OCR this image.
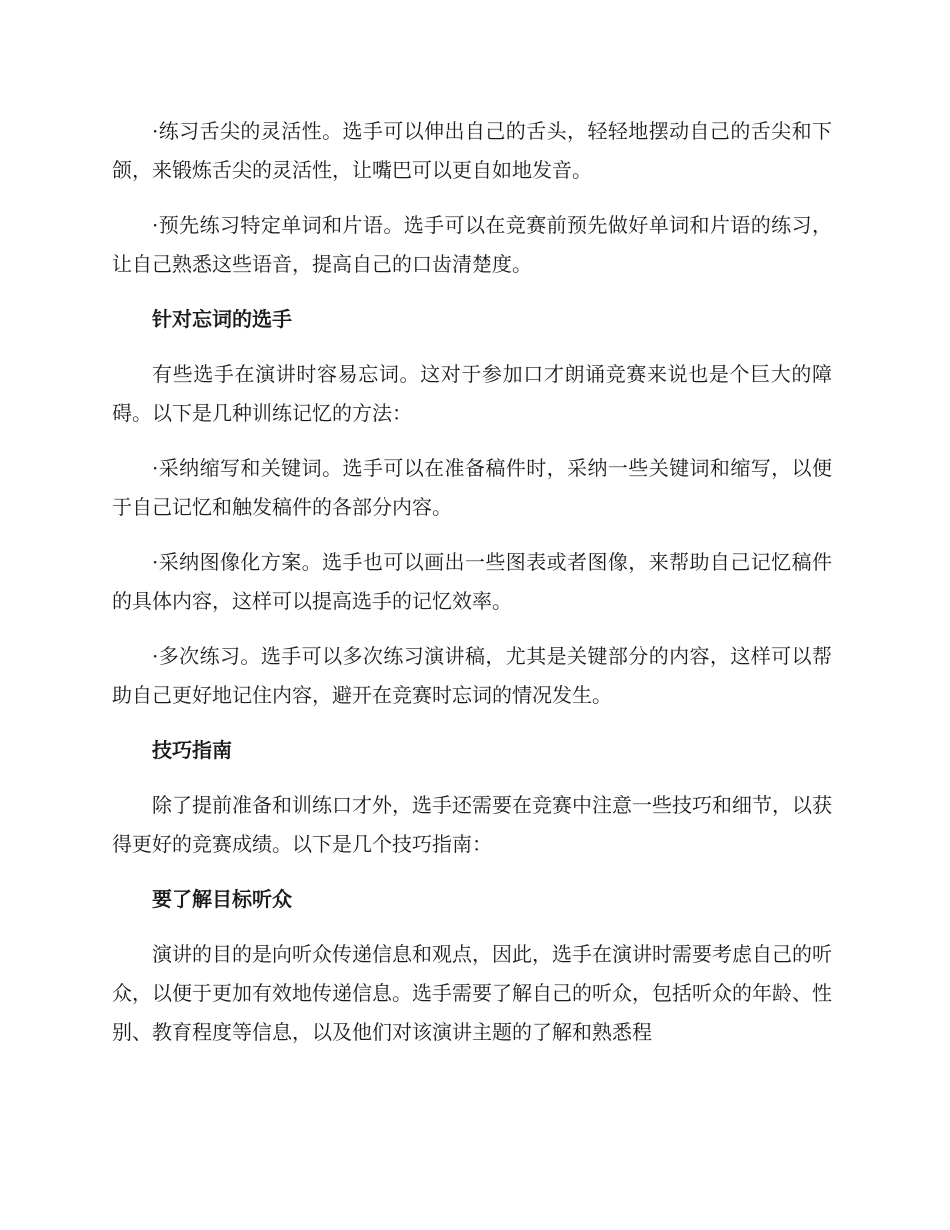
·练习舌尖的灵活性。选手可以伸出自己的舌头，轻轻地摆动自己的舌尖和下颌，来锻炼舌尖的灵活性，让嘴巴可以更自如地发音。

·预先练习特定单词和片语。选手可以在竞赛前预先做好单词和片语的练习，让自己熟悉这些语音，提高自己的口齿清楚度。

针对忘词的选手

有些选手在演讲时容易忘词。这对于参加口才朗诵竞赛来说也是个巨大的障碍。以下是几种训练记忆的方法：

·采纳缩写和关键词。选手可以在准备稿件时，采纳一些关键词和缩写，以便于自己记忆和触发稿件的各部分内容。

·采纳图像化方案。选手也可以画出一些图表或者图像，来帮助自己记忆稿件的具体内容，这样可以提高选手的记忆效率。

·多次练习。选手可以多次练习演讲稿，尤其是关键部分的内容，这样可以帮助自己更好地记住内容，避开在竞赛时忘词的情况发生。

技巧指南

除了提前准备和训练口才外，选手还需要在竞赛中注意一些技巧和细节，以获得更好的竞赛成绩。以下是几个技巧指南：

要了解目标听众

演讲的目的是向听众传递信息和观点，因此，选手在演讲时需要考虑自己的听众，以便于更加有效地传递信息。选手需要了解自己的听众，包括听众的年龄、性别、教育程度等信息，以及他们对该演讲主题的了解和熟悉程
